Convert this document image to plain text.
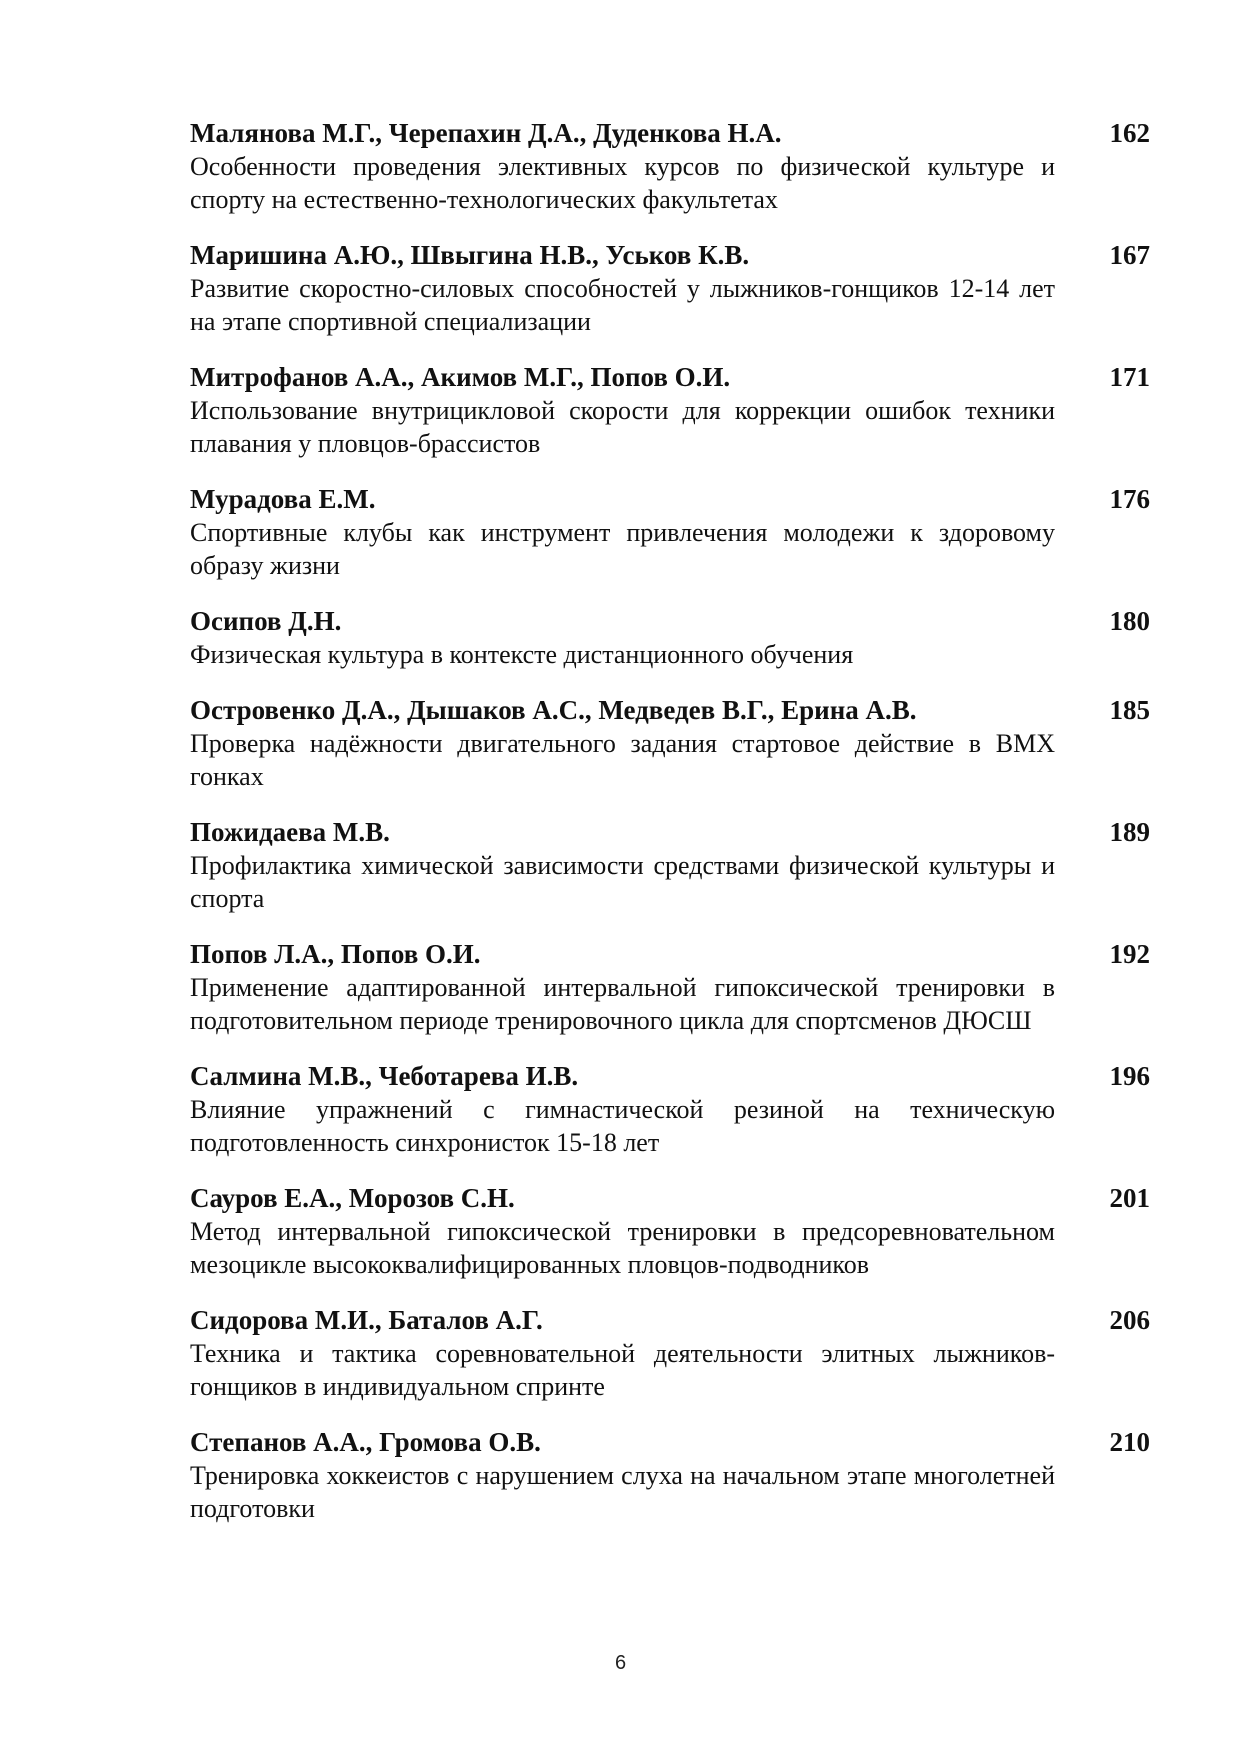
Малянова М.Г., Черепахин Д.А., Дуденкова Н.А.	162
Особенности проведения элективных курсов по физической культуре и спорту на естественно-технологических факультетах
Маришина А.Ю., Швыгина Н.В., Уськов К.В.	167
Развитие скоростно-силовых способностей у лыжников-гонщиков 12-14 лет на этапе спортивной специализации
Митрофанов А.А., Акимов М.Г., Попов О.И.	171
Использование внутрицикловой скорости для коррекции ошибок техники плавания у пловцов-брассистов
Мурадова Е.М.	176
Спортивные клубы как инструмент привлечения молодежи к здоровому образу жизни
Осипов Д.Н.	180
Физическая культура в контексте дистанционного обучения
Островенко Д.А., Дышаков А.С., Медведев В.Г., Ерина А.В.	185
Проверка надёжности двигательного задания стартовое действие в BMX гонках
Пожидаева М.В.	189
Профилактика химической зависимости средствами физической культуры и спорта
Попов Л.А., Попов О.И.	192
Применение адаптированной интервальной гипоксической тренировки в подготовительном периоде тренировочного цикла для спортсменов ДЮСШ
Салмина М.В., Чеботарева И.В.	196
Влияние упражнений с гимнастической резиной на техническую подготовленность синхронисток 15-18 лет
Сауров Е.А., Морозов С.Н.	201
Метод интервальной гипоксической тренировки в предсоревновательном мезоцикле высококвалифицированных пловцов-подводников
Сидорова М.И., Баталов А.Г.	206
Техника и тактика соревновательной деятельности элитных лыжников-гонщиков в индивидуальном спринте
Степанов А.А., Громова О.В.	210
Тренировка хоккеистов с нарушением слуха на начальном этапе многолетней подготовки
6
